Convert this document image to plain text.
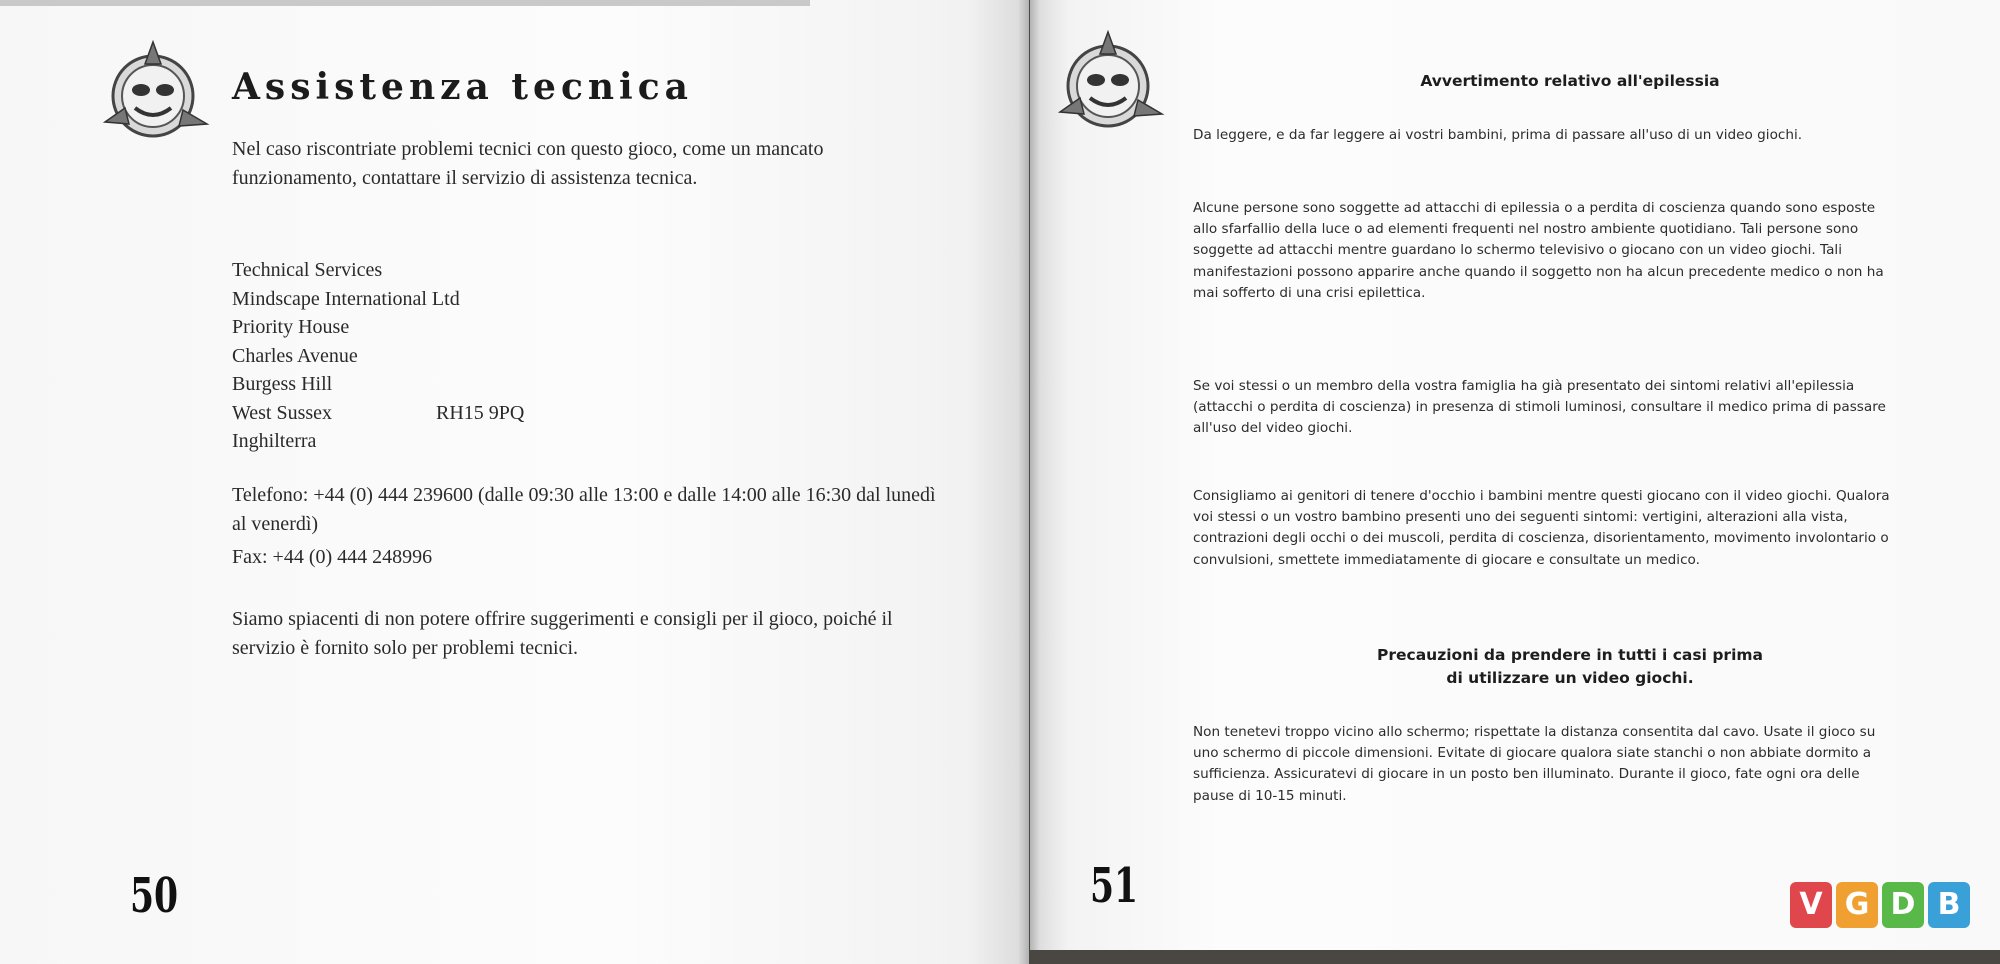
Assistenza tecnica
Nel caso riscontriate problemi tecnici con questo gioco, come un mancato funzionamento, contattare il servizio di assistenza tecnica.
Technical Services
Mindscape International Ltd
Priority House
Charles Avenue
Burgess Hill
West Sussex	RH15 9PQ
Inghilterra
Telefono: +44 (0) 444 239600 (dalle 09:30 alle 13:00 e dalle 14:00 alle 16:30 dal lunedì al venerdì)
Fax: +44 (0) 444 248996
Siamo spiacenti di non potere offrire suggerimenti e consigli per il gioco, poiché il servizio è fornito solo per problemi tecnici.
50
Avvertimento relativo all'epilessia
Da leggere, e da far leggere ai vostri bambini, prima di passare all'uso di un video giochi.
Alcune persone sono soggette ad attacchi di epilessia o a perdita di coscienza quando sono esposte allo sfarfallio della luce o ad elementi frequenti nel nostro ambiente quotidiano. Tali persone sono soggette ad attacchi mentre guardano lo schermo televisivo o giocano con un video giochi. Tali manifestazioni possono apparire anche quando il soggetto non ha alcun precedente medico o non ha mai sofferto di una crisi epilettica.
Se voi stessi o un membro della vostra famiglia ha già presentato dei sintomi relativi all'epilessia (attacchi o perdita di coscienza) in presenza di stimoli luminosi, consultare il medico prima di passare all'uso del video giochi.
Consigliamo ai genitori di tenere d'occhio i bambini mentre questi giocano con il video giochi. Qualora voi stessi o un vostro bambino presenti uno dei seguenti sintomi: vertigini, alterazioni alla vista, contrazioni degli occhi o dei muscoli, perdita di coscienza, disorientamento, movimento involontario o convulsioni, smettete immediatamente di giocare e consultate un medico.
Precauzioni da prendere in tutti i casi prima
di utilizzare un video giochi.
Non tenetevi troppo vicino allo schermo; rispettate la distanza consentita dal cavo. Usate il gioco su uno schermo di piccole dimensioni. Evitate di giocare qualora siate stanchi o non abbiate dormito a sufficienza. Assicuratevi di giocare in un posto ben illuminato. Durante il gioco, fate ogni ora delle pause di 10-15 minuti.
51	V G D B
